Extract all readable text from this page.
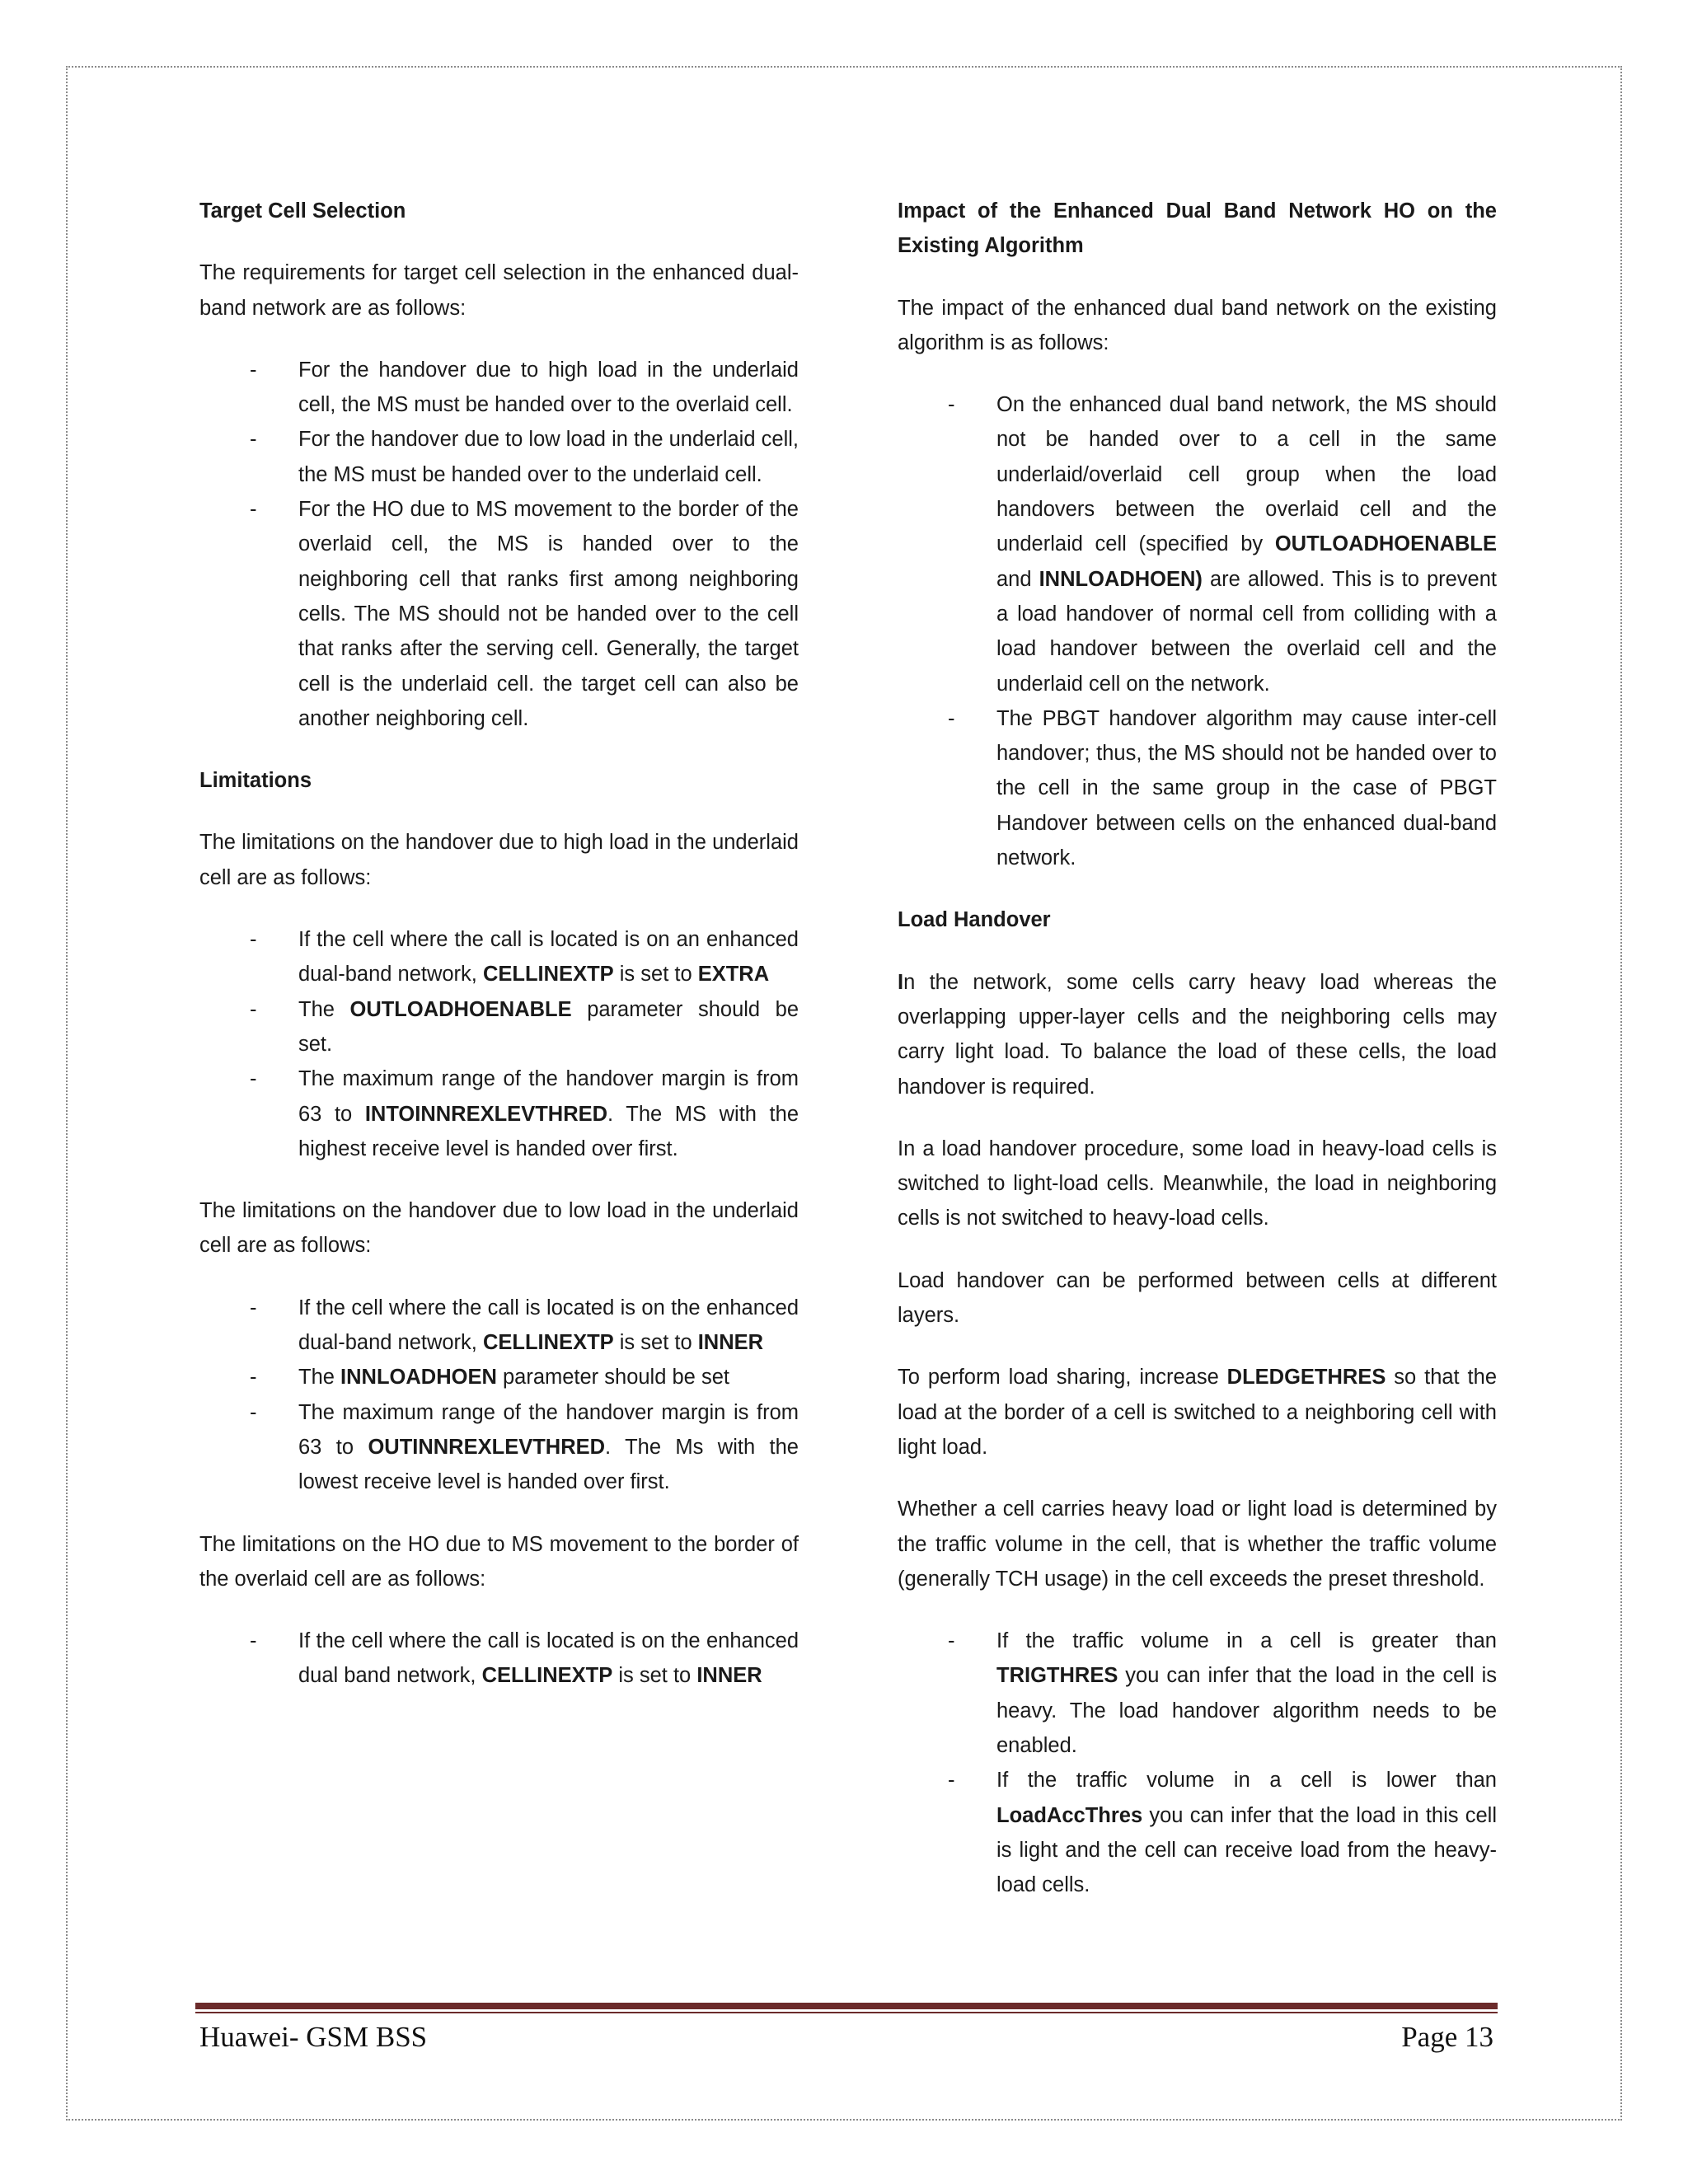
Target Cell Selection

The requirements for target cell selection in the enhanced dual-band network are as follows:

- For the handover due to high load in the underlaid cell, the MS must be handed over to the overlaid cell.
- For the handover due to low load in the underlaid cell, the MS must be handed over to the underlaid cell.
- For the HO due to MS movement to the border of the overlaid cell, the MS is handed over to the neighboring cell that ranks first among neighboring cells. The MS should not be handed over to the cell that ranks after the serving cell. Generally, the target cell is the underlaid cell. the target cell can also be another neighboring cell.

Limitations

The limitations on the handover due to high load in the underlaid cell are as follows:

- If the cell where the call is located is on an enhanced dual-band network, CELLINEXTP is set to EXTRA
- The OUTLOADHOENABLE parameter should be set.
- The maximum range of the handover margin is from 63 to INTOINNREXLEVTHRED. The MS with the highest receive level is handed over first.

The limitations on the handover due to low load in the underlaid cell are as follows:

- If the cell where the call is located is on the enhanced dual-band network, CELLINEXTP is set to INNER
- The INNLOADHOEN parameter should be set
- The maximum range of the handover margin is from 63 to OUTINNREXLEVTHRED. The Ms with the lowest receive level is handed over first.

The limitations on the HO due to MS movement to the border of the overlaid cell are as follows:

- If the cell where the call is located is on the enhanced dual band network, CELLINEXTP is set to INNER

Impact of the Enhanced Dual Band Network HO on the Existing Algorithm

The impact of the enhanced dual band network on the existing algorithm is as follows:

- On the enhanced dual band network, the MS should not be handed over to a cell in the same underlaid/overlaid cell group when the load handovers between the overlaid cell and the underlaid cell (specified by OUTLOADHOENABLE and INNLOADHOEN) are allowed. This is to prevent a load handover of normal cell from colliding with a load handover between the overlaid cell and the underlaid cell on the network.
- The PBGT handover algorithm may cause inter-cell handover; thus, the MS should not be handed over to the cell in the same group in the case of PBGT Handover between cells on the enhanced dual-band network.

Load Handover

In the network, some cells carry heavy load whereas the overlapping upper-layer cells and the neighboring cells may carry light load. To balance the load of these cells, the load handover is required.

In a load handover procedure, some load in heavy-load cells is switched to light-load cells. Meanwhile, the load in neighboring cells is not switched to heavy-load cells.

Load handover can be performed between cells at different layers.

To perform load sharing, increase DLEDGETHRES so that the load at the border of a cell is switched to a neighboring cell with light load.

Whether a cell carries heavy load or light load is determined by the traffic volume in the cell, that is whether the traffic volume (generally TCH usage) in the cell exceeds the preset threshold.

- If the traffic volume in a cell is greater than TRIGTHRES you can infer that the load in the cell is heavy. The load handover algorithm needs to be enabled.
- If the traffic volume in a cell is lower than LoadAccThres you can infer that the load in this cell is light and the cell can receive load from the heavy-load cells.
Huawei- GSM BSS	Page 13
